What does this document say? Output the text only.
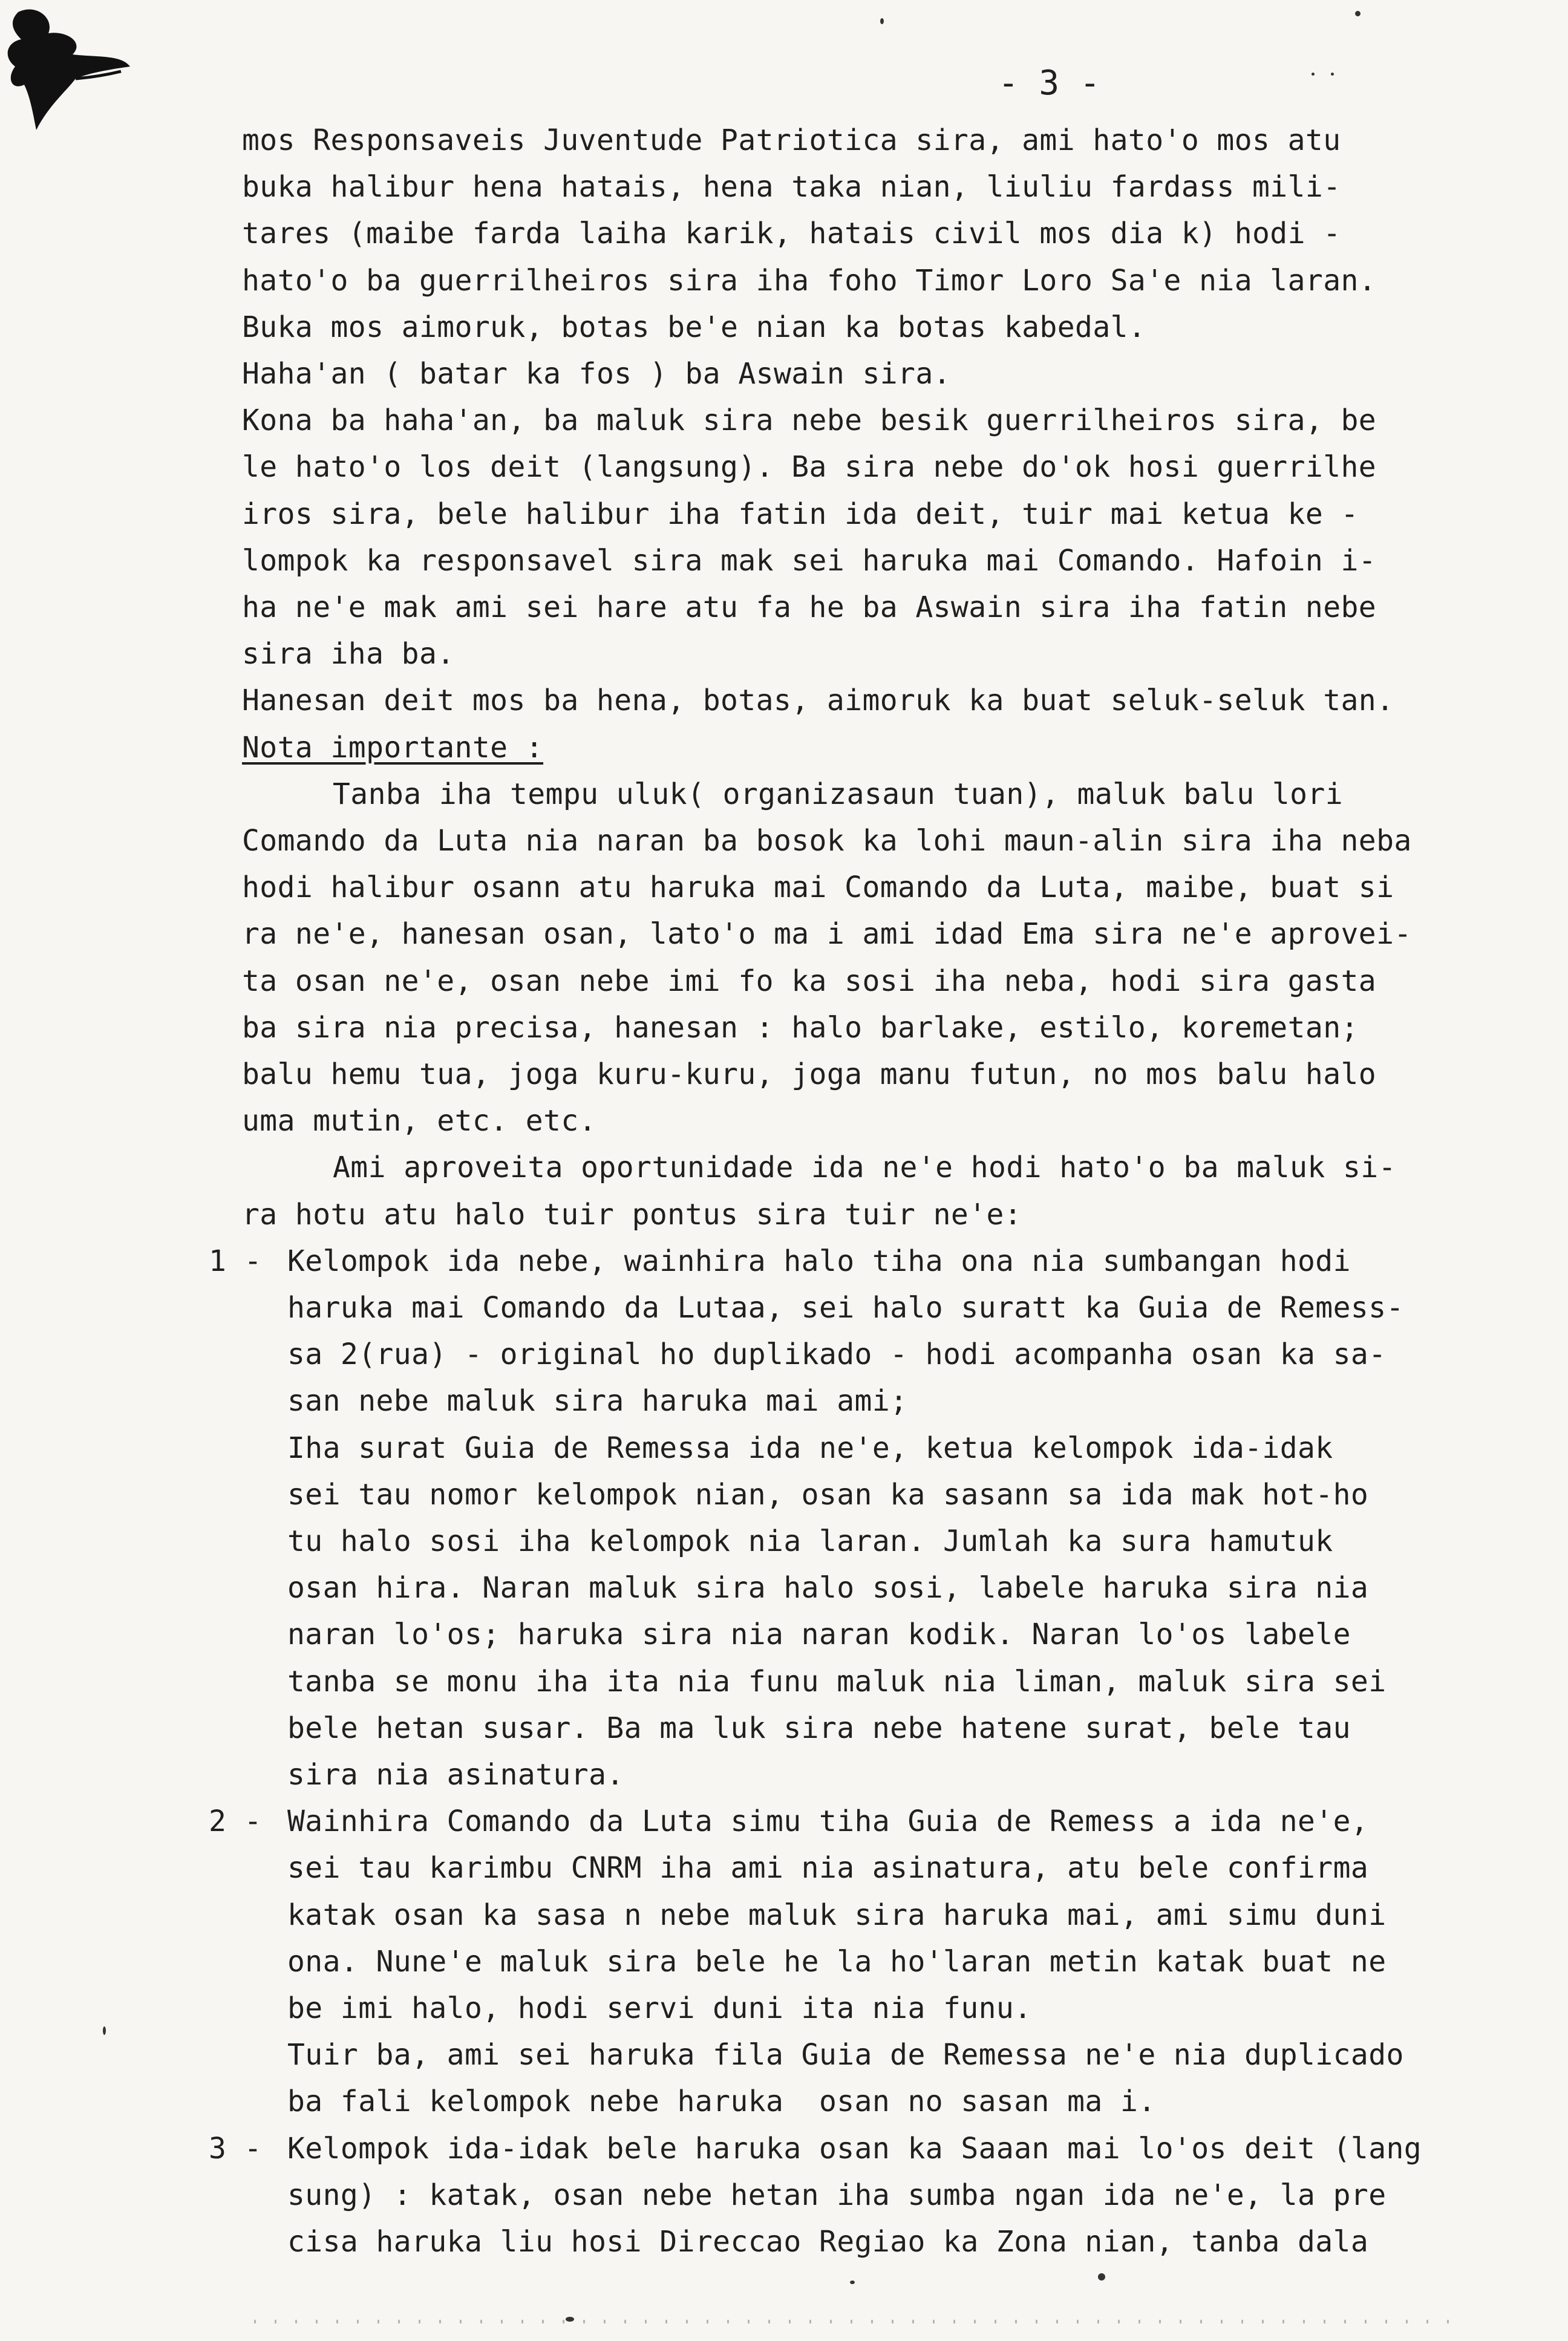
- 3 -
mos Responsaveis Juventude Patriotica sira, ami hato'o mos atu
buka halibur hena hatais, hena taka nian, liuliu fardass mili-
tares (maibe farda laiha karik, hatais civil mos dia k) hodi -
hato'o ba guerrilheiros sira iha foho Timor Loro Sa'e nia laran.
Buka mos aimoruk, botas be'e nian ka botas kabedal.
Haha'an ( batar ka fos ) ba Aswain sira.
Kona ba haha'an, ba maluk sira nebe besik guerrilheiros sira, be
le hato'o los deit (langsung). Ba sira nebe do'ok hosi guerrilhe
iros sira, bele halibur iha fatin ida deit, tuir mai ketua ke -
lompok ka responsavel sira mak sei haruka mai Comando. Hafoin i-
ha ne'e mak ami sei hare atu fa he ba Aswain sira iha fatin nebe
sira iha ba.
Hanesan deit mos ba hena, botas, aimoruk ka buat seluk-seluk tan.
Nota importante :
Tanba iha tempu uluk( organizasaun tuan), maluk balu lori
Comando da Luta nia naran ba bosok ka lohi maun-alin sira iha neba
hodi halibur osann atu haruka mai Comando da Luta, maibe, buat si
ra ne'e, hanesan osan, lato'o ma i ami idad Ema sira ne'e aprovei-
ta osan ne'e, osan nebe imi fo ka sosi iha neba, hodi sira gasta
ba sira nia precisa, hanesan : halo barlake, estilo, koremetan;
balu hemu tua, joga kuru-kuru, joga manu futun, no mos balu halo
uma mutin, etc. etc.
Ami aproveita oportunidade ida ne'e hodi hato'o ba maluk si-
ra hotu atu halo tuir pontus sira tuir ne'e:
1 - Kelompok ida nebe, wainhira halo tiha ona nia sumbangan hodi
haruka mai Comando da Lutaa, sei halo suratt ka Guia de Remess-
sa 2(rua) - original ho duplikado - hodi acompanha osan ka sa-
san nebe maluk sira haruka mai ami;
Iha surat Guia de Remessa ida ne'e, ketua kelompok ida-idak
sei tau nomor kelompok nian, osan ka sasann sa ida mak hot-ho
tu halo sosi iha kelompok nia laran. Jumlah ka sura hamutuk
osan hira. Naran maluk sira halo sosi, labele haruka sira nia
naran lo'os; haruka sira nia naran kodik. Naran lo'os labele
tanba se monu iha ita nia funu maluk nia liman, maluk sira sei
bele hetan susar. Ba ma luk sira nebe hatene surat, bele tau
sira nia asinatura.
2 - Wainhira Comando da Luta simu tiha Guia de Remess a ida ne'e,
sei tau karimbu CNRM iha ami nia asinatura, atu bele confirma
katak osan ka sasa n nebe maluk sira haruka mai, ami simu duni
ona. Nune'e maluk sira bele he la ho'laran metin katak buat ne
be imi halo, hodi servi duni ita nia funu.
Tuir ba, ami sei haruka fila Guia de Remessa ne'e nia duplicado
ba fali kelompok nebe haruka  osan no sasan ma i.
3 - Kelompok ida-idak bele haruka osan ka Saaan mai lo'os deit (lang
sung) : katak, osan nebe hetan iha sumba ngan ida ne'e, la pre
cisa haruka liu hosi Direccao Regiao ka Zona nian, tanba dala
